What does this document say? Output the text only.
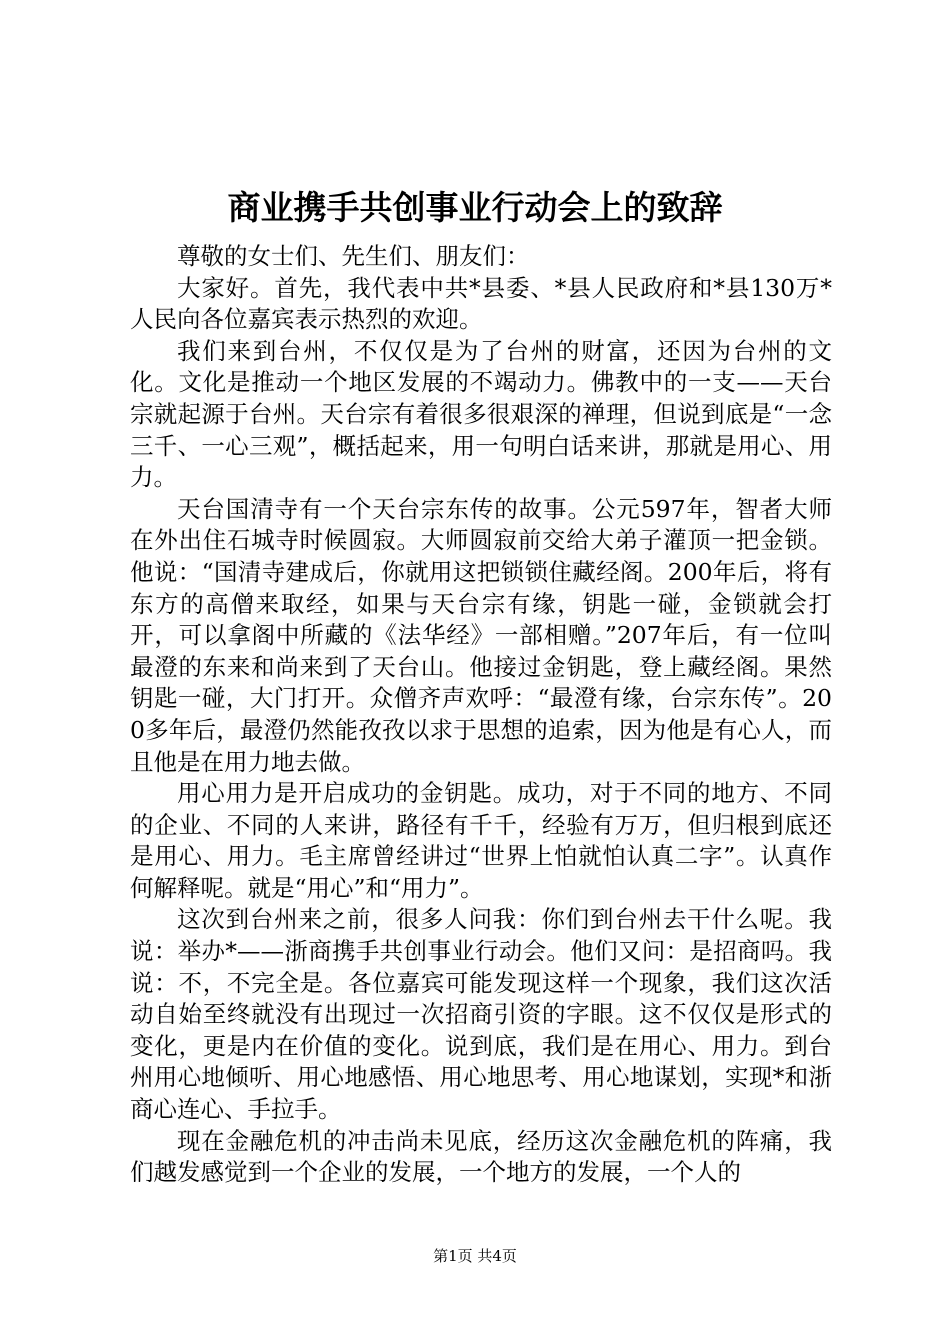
商业携手共创事业行动会上的致辞

尊敬的女士们、先生们、朋友们：

大家好。首先，我代表中共*县委、*县人民政府和*县130万*人民向各位嘉宾表示热烈的欢迎。

我们来到台州，不仅仅是为了台州的财富，还因为台州的文化。文化是推动一个地区发展的不竭动力。佛教中的一支——天台宗就起源于台州。天台宗有着很多很艰深的禅理，但说到底是“一念三千、一心三观”，概括起来，用一句明白话来讲，那就是用心、用力。

天台国清寺有一个天台宗东传的故事。公元597年，智者大师在外出住石城寺时候圆寂。大师圆寂前交给大弟子灌顶一把金锁。他说：“国清寺建成后，你就用这把锁锁住藏经阁。200年后，将有东方的高僧来取经，如果与天台宗有缘，钥匙一碰，金锁就会打开，可以拿阁中所藏的《法华经》一部相赠。”207年后，有一位叫最澄的东来和尚来到了天台山。他接过金钥匙，登上藏经阁。果然钥匙一碰，大门打开。众僧齐声欢呼：“最澄有缘，台宗东传”。200多年后，最澄仍然能孜孜以求于思想的追索，因为他是有心人，而且他是在用力地去做。

用心用力是开启成功的金钥匙。成功，对于不同的地方、不同的企业、不同的人来讲，路径有千千，经验有万万，但归根到底还是用心、用力。毛主席曾经讲过“世界上怕就怕认真二字”。认真作何解释呢。就是“用心”和“用力”。

这次到台州来之前，很多人问我：你们到台州去干什么呢。我说：举办*——浙商携手共创事业行动会。他们又问：是招商吗。我说：不，不完全是。各位嘉宾可能发现这样一个现象，我们这次活动自始至终就没有出现过一次招商引资的字眼。这不仅仅是形式的变化，更是内在价值的变化。说到底，我们是在用心、用力。到台州用心地倾听、用心地感悟、用心地思考、用心地谋划，实现*和浙商心连心、手拉手。

现在金融危机的冲击尚未见底，经历这次金融危机的阵痛，我们越发感觉到一个企业的发展，一个地方的发展，一个人的

第1页 共4页
